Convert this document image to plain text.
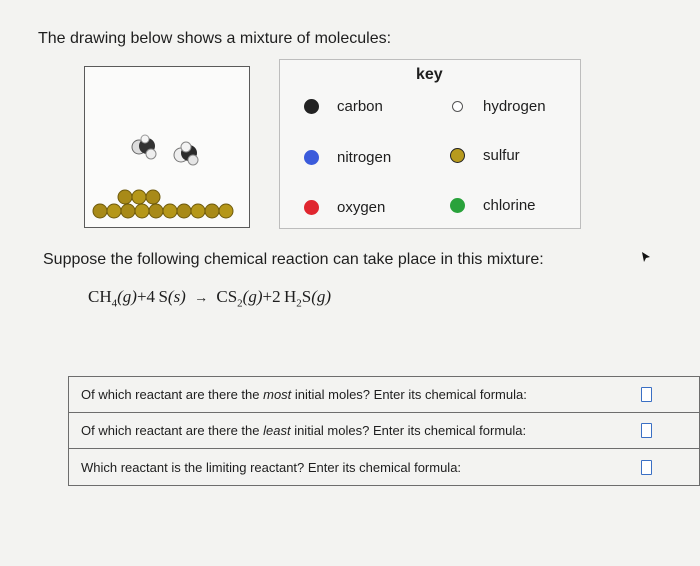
The drawing below shows a mixture of molecules:
key
carbon	hydrogen
nitrogen	sulfur
oxygen	chlorine
Suppose the following chemical reaction can take place in this mixture:
$CH_4(g)+4$ $S(s) \to CS_2(g)+2$ $H_2S(g)$
Of which reactant are there the most initial moles? Enter its chemical formula:
Of which reactant are there the least initial moles? Enter its chemical formula:
Which reactant is the limiting reactant? Enter its chemical formula:
